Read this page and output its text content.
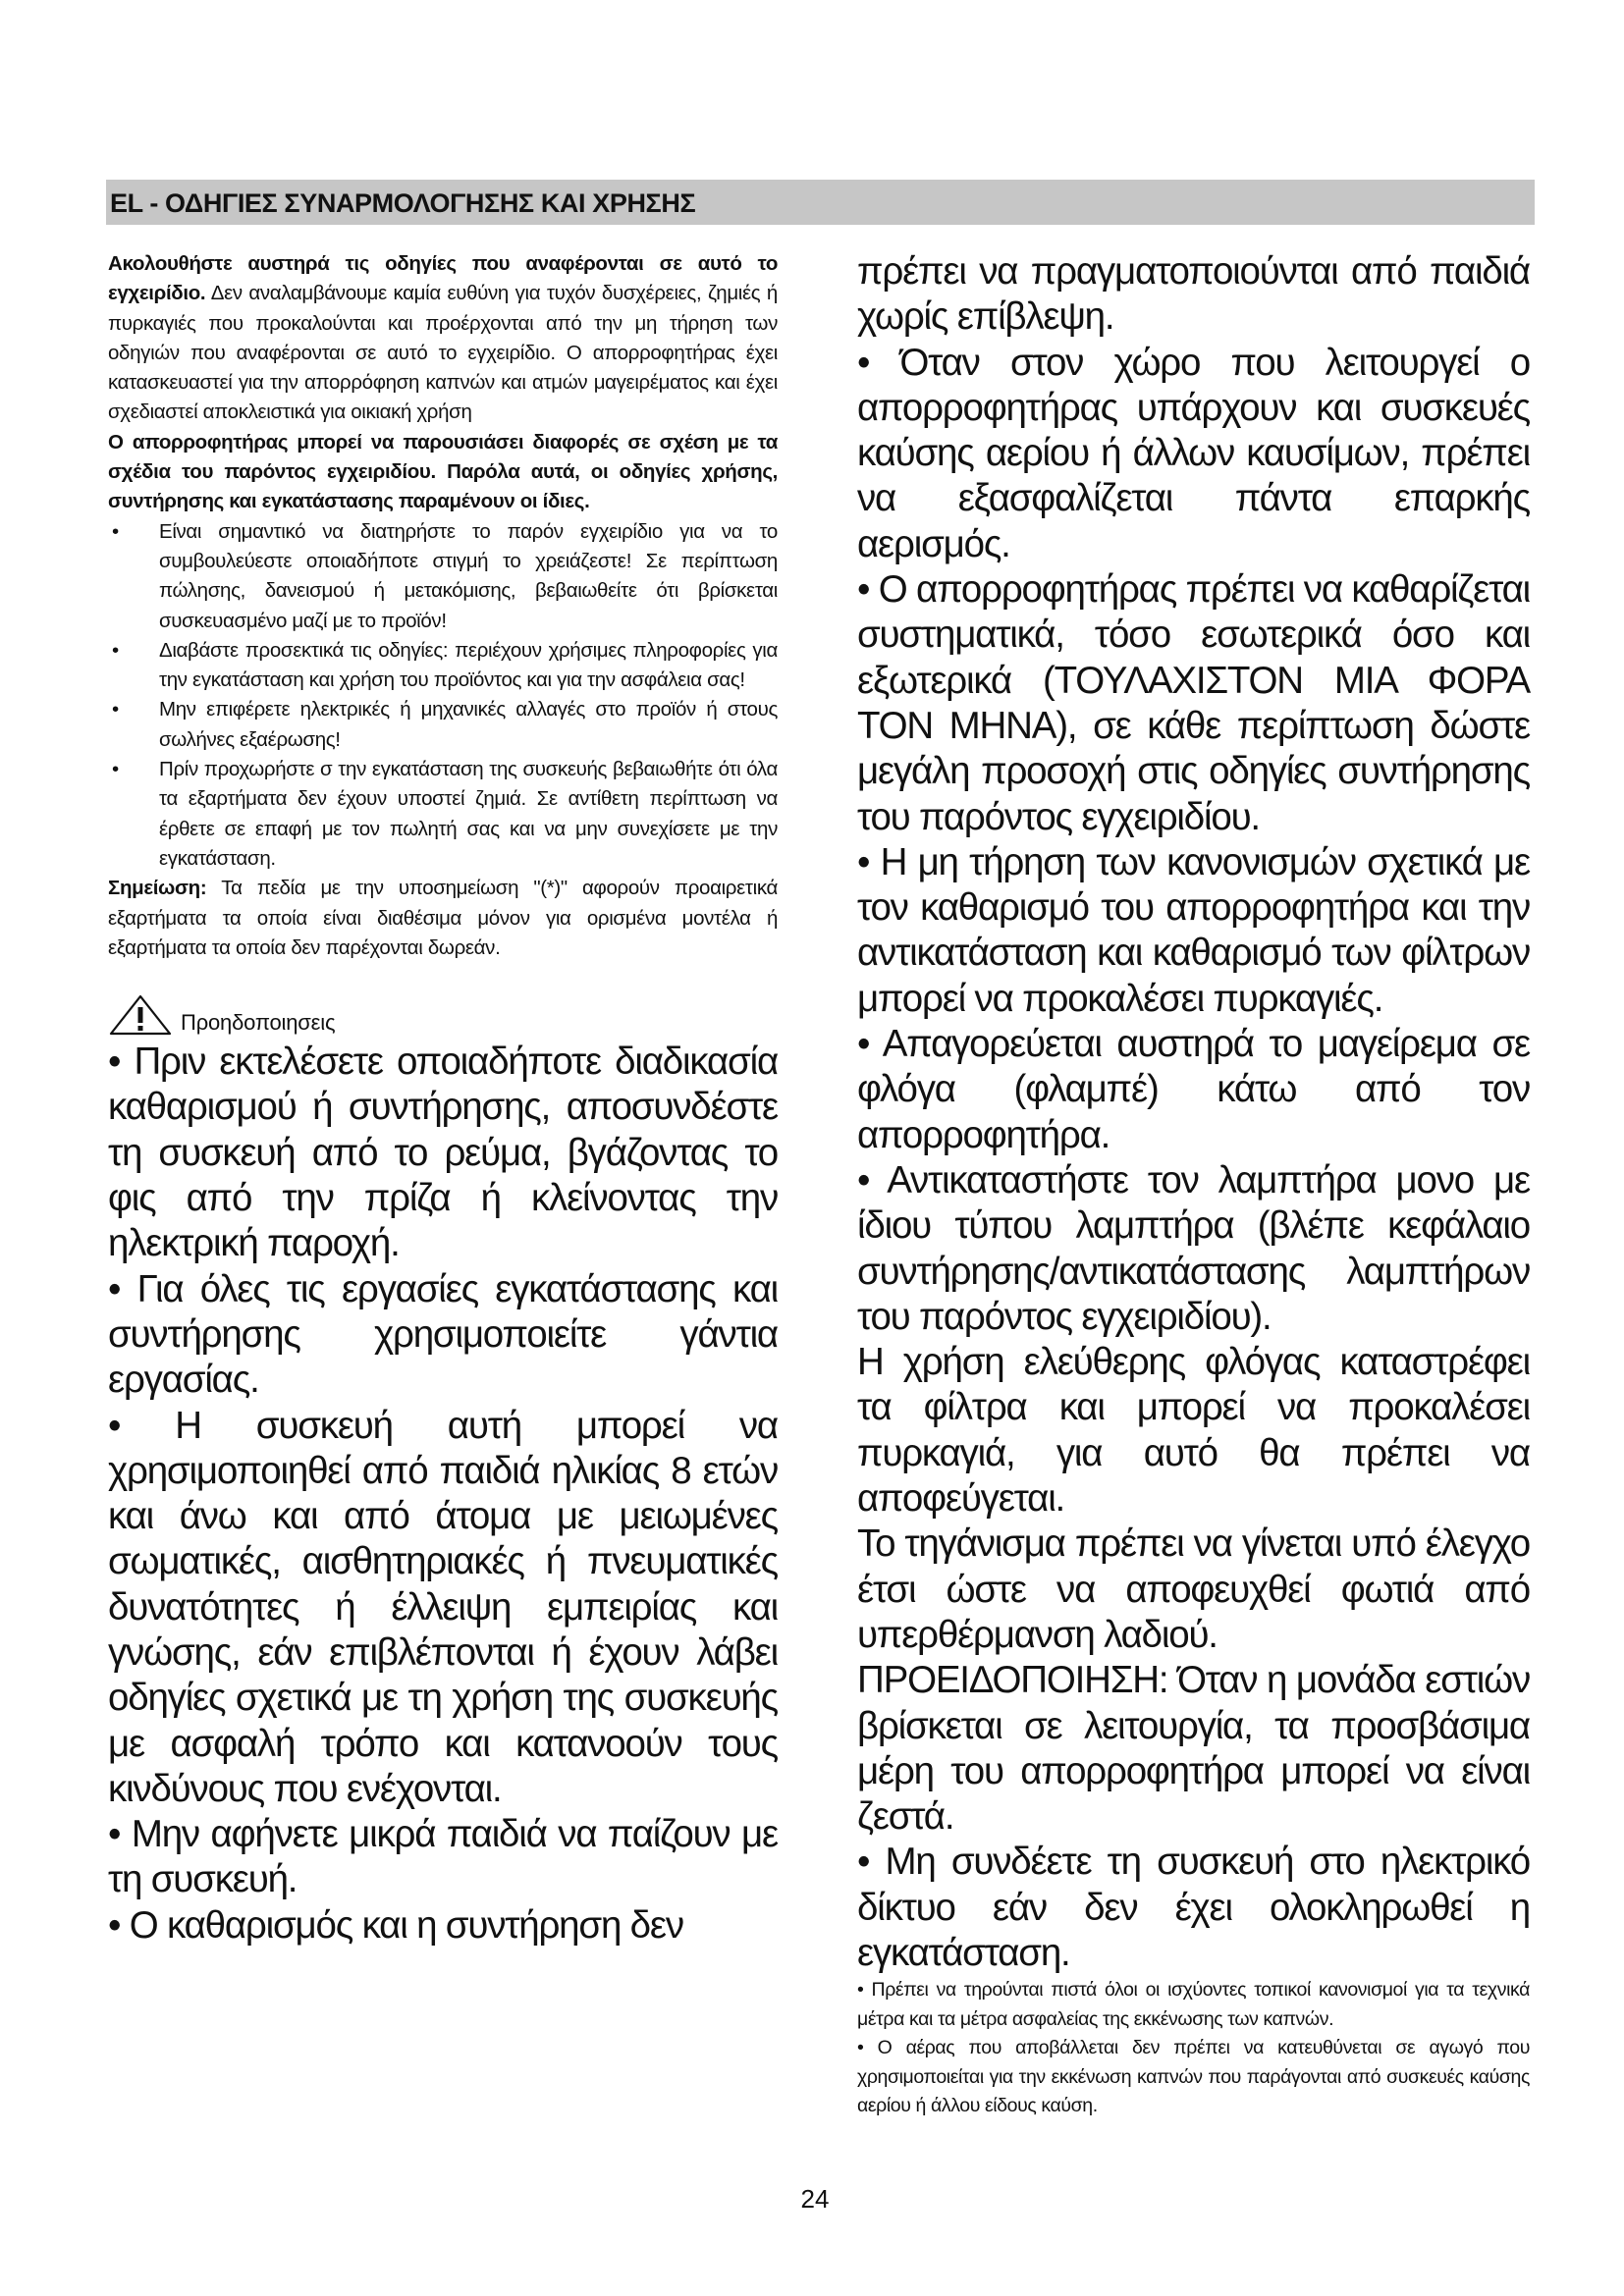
EL - ΟΔΗΓΙΕΣ ΣΥΝΑΡΜΟΛΟΓΗΣΗΣ ΚΑΙ ΧΡΗΣΗΣ

Ακολουθήστε αυστηρά τις οδηγίες που αναφέρονται σε αυτό το εγχειρίδιο. Δεν αναλαμβάνουμε καμία ευθύνη για τυχόν δυσχέρειες, ζημιές ή πυρκαγιές που προκαλούνται και προέρχονται από την μη τήρηση των οδηγιών που αναφέρονται σε αυτό το εγχειρίδιο. Ο απορροφητήρας έχει κατασκευαστεί για την απορρόφηση καπνών και ατμών μαγειρέματος και έχει σχεδιαστεί αποκλειστικά για οικιακή χρήση

Ο απορροφητήρας μπορεί να παρουσιάσει διαφορές σε σχέση με τα σχέδια του παρόντος εγχειριδίου. Παρόλα αυτά, οι οδηγίες χρήσης, συντήρησης και εγκατάστασης παραμένουν οι ίδιες.

• Είναι σημαντικό να διατηρήστε το παρόν εγχειρίδιο για να το συμβουλεύεστε οποιαδήποτε στιγμή το χρειάζεστε! Σε περίπτωση πώλησης, δανεισμού ή μετακόμισης, βεβαιωθείτε ότι βρίσκεται συσκευασμένο μαζί με το προϊόν!
• Διαβάστε προσεκτικά τις οδηγίες: περιέχουν χρήσιμες πληροφορίες για την εγκατάσταση και χρήση του προϊόντος και για την ασφάλεια σας!
• Μην επιφέρετε ηλεκτρικές ή μηχανικές αλλαγές στο προϊόν ή στους σωλήνες εξαέρωσης!
• Πρίν προχωρήστε σ την εγκατάσταση της συσκευής βεβαιωθήτε ότι όλα τα εξαρτήματα δεν έχουν υποστεί ζημιά. Σε αντίθετη περίπτωση να έρθετε σε επαφή με τον πωλητή σας και να μην συνεχίσετε με την εγκατάσταση.

Σημείωση: Τα πεδία με την υποσημείωση "(*)" αφορούν προαιρετικά εξαρτήματα τα οποία είναι διαθέσιμα μόνον για ορισμένα μοντέλα ή εξαρτήματα τα οποία δεν παρέχονται δωρεάν.

Προηδοποιησεις

• Πριν εκτελέσετε οποιαδήποτε διαδικασία καθαρισμού ή συντήρησης, αποσυνδέστε τη συσκευή από το ρεύμα, βγάζοντας το φις από την πρίζα ή κλείνοντας την ηλεκτρική παροχή.

• Για όλες τις εργασίες εγκατάστασης και συντήρησης χρησιμοποιείτε γάντια εργασίας.

• Η συσκευή αυτή μπορεί να χρησιμοποιηθεί από παιδιά ηλικίας 8 ετών και άνω και από άτομα με μειωμένες σωματικές, αισθητηριακές ή πνευματικές δυνατότητες ή έλλειψη εμπειρίας και γνώσης, εάν επιβλέπονται ή έχουν λάβει οδηγίες σχετικά με τη χρήση της συσκευής με ασφαλή τρόπο και κατανοούν τους κινδύνους που ενέχονται.

• Μην αφήνετε μικρά παιδιά να παίζουν με τη συσκευή.

• Ο καθαρισμός και η συντήρηση δεν

πρέπει να πραγματοποιούνται από παιδιά χωρίς επίβλεψη.

• Όταν στον χώρο που λειτουργεί ο απορροφητήρας υπάρχουν και συσκευές καύσης αερίου ή άλλων καυσίμων, πρέπει να εξασφαλίζεται πάντα επαρκής αερισμός.

• Ο απορροφητήρας πρέπει να καθαρίζεται συστηματικά, τόσο εσωτερικά όσο και εξωτερικά (ΤΟΥΛΑΧΙΣΤΟΝ ΜΙΑ ΦΟΡΑ ΤΟΝ ΜΗΝΑ), σε κάθε περίπτωση δώστε μεγάλη προσοχή στις οδηγίες συντήρησης του παρόντος εγχειριδίου.

• Η μη τήρηση των κανονισμών σχετικά με τον καθαρισμό του απορροφητήρα και την αντικατάσταση και καθαρισμό των φίλτρων μπορεί να προκαλέσει πυρκαγιές.

• Απαγορεύεται αυστηρά το μαγείρεμα σε φλόγα (φλαμπέ) κάτω από τον απορροφητήρα.

• Αντικαταστήστε τον λαμπτήρα μονο με ίδιου τύπου λαμπτήρα (βλέπε κεφάλαιο συντήρησης/αντικατάστασης λαμπτήρων του παρόντος εγχειριδίου).

Η χρήση ελεύθερης φλόγας καταστρέφει τα φίλτρα και μπορεί να προκαλέσει πυρκαγιά, για αυτό θα πρέπει να αποφεύγεται.

Το τηγάνισμα πρέπει να γίνεται υπό έλεγχο έτσι ώστε να αποφευχθεί φωτιά από υπερθέρμανση λαδιού.

ΠΡΟΕΙΔΟΠΟΙΗΣΗ: Όταν η μονάδα εστιών βρίσκεται σε λειτουργία, τα προσβάσιμα μέρη του απορροφητήρα μπορεί να είναι ζεστά.

• Μη συνδέετε τη συσκευή στο ηλεκτρικό δίκτυο εάν δεν έχει ολοκληρωθεί η εγκατάσταση.

• Πρέπει να τηρούνται πιστά όλοι οι ισχύοντες τοπικοί κανονισμοί για τα τεχνικά μέτρα και τα μέτρα ασφαλείας της εκκένωσης των καπνών.

• Ο αέρας που αποβάλλεται δεν πρέπει να κατευθύνεται σε αγωγό που χρησιμοποιείται για την εκκένωση καπνών που παράγονται από συσκευές καύσης αερίου ή άλλου είδους καύση.

24
